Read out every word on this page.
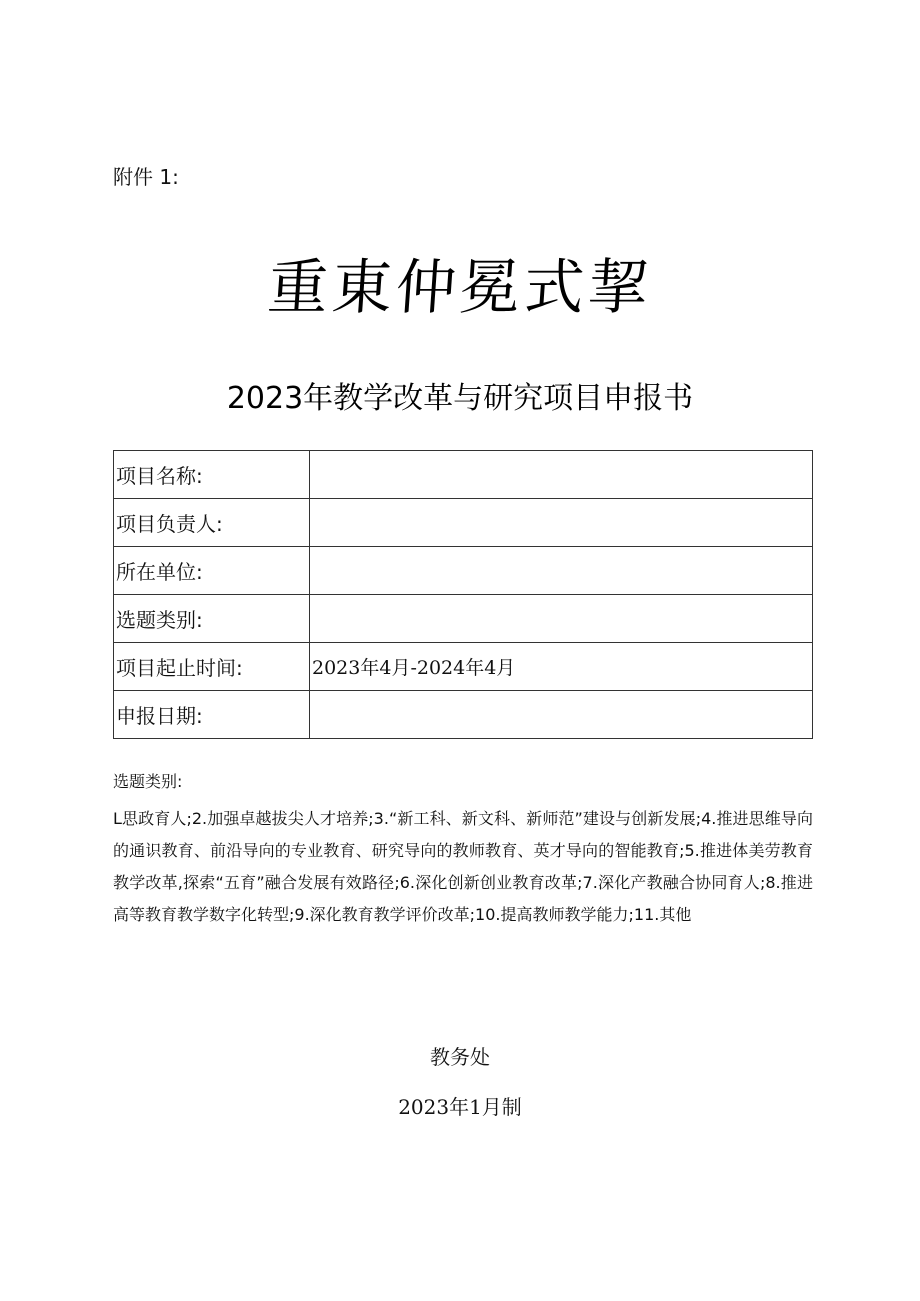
附件 1:
重東仲冕式挈
2023年教学改革与研究项目申报书
项目名称:	
项目负责人:	
所在单位:	
选题类别:	
项目起止时间:	2023年4月-2024年4月
申报日期:	
选题类别:
L思政育人;2.加强卓越拔尖人才培养;3.“新工科、新文科、新师范”建设与创新发展;4.推进思维导向的通识教育、前沿导向的专业教育、研究导向的教师教育、英才导向的智能教育;5.推进体美劳教育教学改革,探索“五育”融合发展有效路径;6.深化创新创业教育改革;7.深化产教融合协同育人;8.推进高等教育教学数字化转型;9.深化教育教学评价改革;10.提高教师教学能力;11.其他
教务处
2023年1月制
